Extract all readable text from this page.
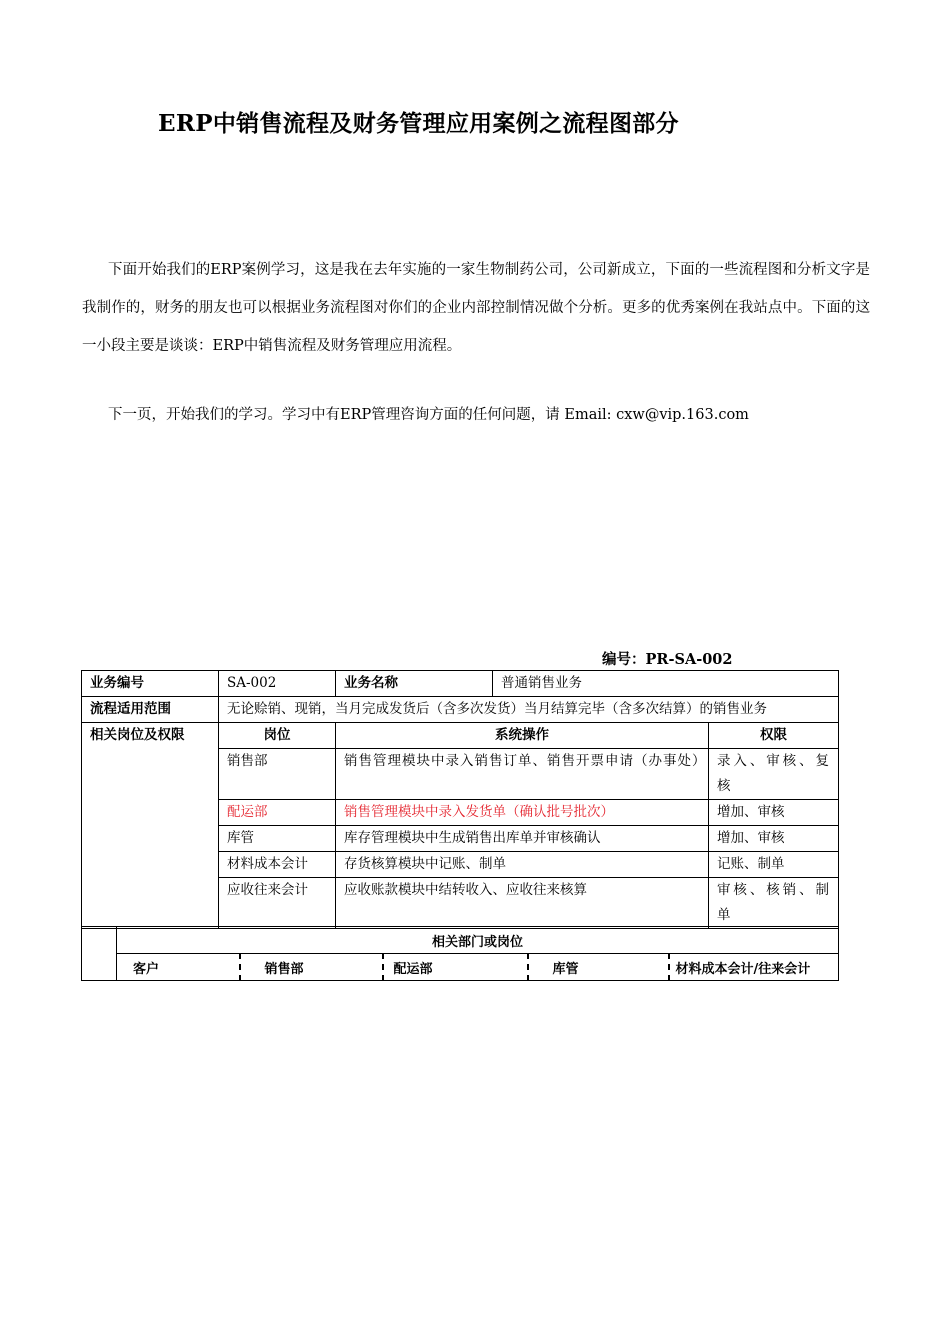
ERP中销售流程及财务管理应用案例之流程图部分
下面开始我们的ERP案例学习，这是我在去年实施的一家生物制药公司，公司新成立，下面的一些流程图和分析文字是我制作的，财务的朋友也可以根据业务流程图对你们的企业内部控制情况做个分析。更多的优秀案例在我站点中。下面的这一小段主要是谈谈：ERP中销售流程及财务管理应用流程。
下一页，开始我们的学习。学习中有ERP管理咨询方面的任何问题，请 Email: cxw@vip.163.com
编号：PR-SA-002
业务编号	SA-002	业务名称	普通销售业务	
流程适用范围	无论赊销、现销，当月完成发货后（含多次发货）当月结算完毕（含多次结算）的销售业务			
相关岗位及权限	岗位	系统操作		权限
	销售部	销售管理模块中录入销售订单、销售开票申请（办事处）		录入、审核、复核
	配运部	销售管理模块中录入发货单（确认批号批次）		增加、审核
	库管	库存管理模块中生成销售出库单并审核确认		增加、审核
	材料成本会计	存货核算模块中记账、制单		记账、制单
	应收往来会计	应收账款模块中结转收入、应收往来核算		审核、核销、制单
	相关部门或岗位				
	客户	销售部	配运部	库管	材料成本会计/往来会计
